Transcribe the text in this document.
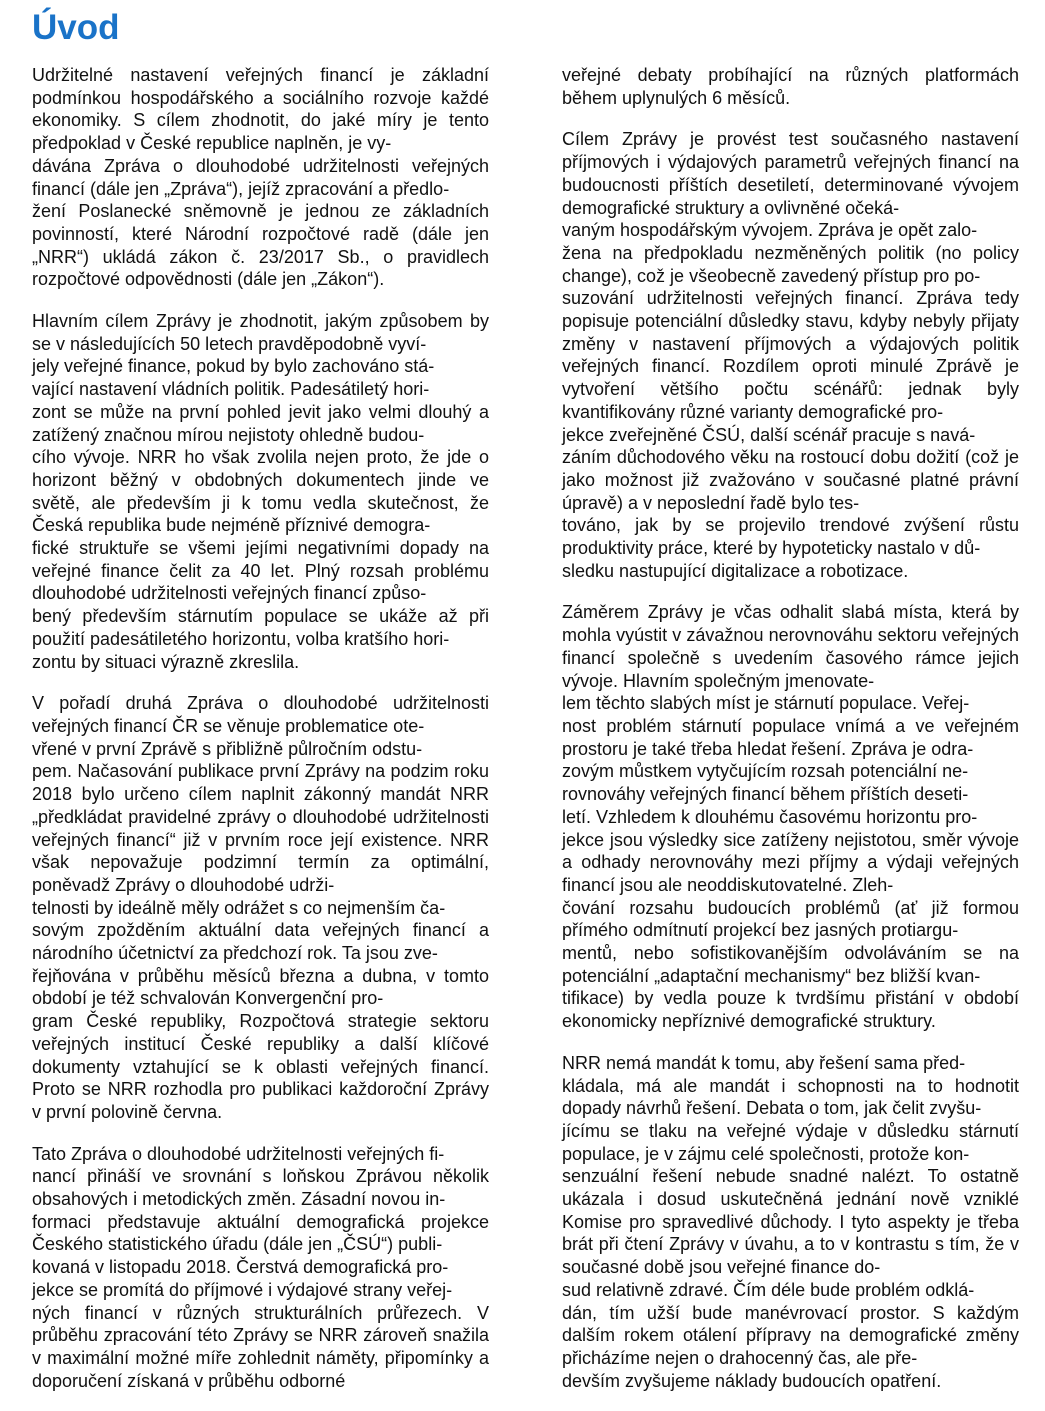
Úvod

Udržitelné nastavení veřejných financí je základní podmínkou hospodářského a sociálního rozvoje každé ekonomiky. S cílem zhodnotit, do jaké míry je tento předpoklad v České republice naplněn, je vy-
dávána Zpráva o dlouhodobé udržitelnosti veřejných financí (dále jen „Zpráva“), jejíž zpracování a předlo-
žení Poslanecké sněmovně je jednou ze základních povinností, které Národní rozpočtové radě (dále jen „NRR“) ukládá zákon č. 23/2017 Sb., o pravidlech rozpočtové odpovědnosti (dále jen „Zákon“).

Hlavním cílem Zprávy je zhodnotit, jakým způsobem by se v následujících 50 letech pravděpodobně vyví-
jely veřejné finance, pokud by bylo zachováno stá-
vající nastavení vládních politik. Padesátiletý hori-
zont se může na první pohled jevit jako velmi dlouhý a zatížený značnou mírou nejistoty ohledně budou-
cího vývoje. NRR ho však zvolila nejen proto, že jde o horizont běžný v obdobných dokumentech jinde ve světě, ale především ji k tomu vedla skutečnost, že Česká republika bude nejméně příznivé demogra-
fické struktuře se všemi jejími negativními dopady na veřejné finance čelit za 40 let. Plný rozsah problému dlouhodobé udržitelnosti veřejných financí způso-
bený především stárnutím populace se ukáže až při použití padesátiletého horizontu, volba kratšího hori-
zontu by situaci výrazně zkreslila.

V pořadí druhá Zpráva o dlouhodobé udržitelnosti veřejných financí ČR se věnuje problematice ote-
vřené v první Zprávě s přibližně půlročním odstu-
pem. Načasování publikace první Zprávy na podzim roku 2018 bylo určeno cílem naplnit zákonný mandát NRR „předkládat pravidelné zprávy o dlouhodobé udržitelnosti veřejných financí“ již v prvním roce její existence. NRR však nepovažuje podzimní termín za optimální, poněvadž Zprávy o dlouhodobé udrži-
telnosti by ideálně měly odrážet s co nejmenším ča-
sovým zpožděním aktuální data veřejných financí a národního účetnictví za předchozí rok. Ta jsou zve-
řejňována v průběhu měsíců března a dubna, v tomto období je též schvalován Konvergenční pro-
gram České republiky, Rozpočtová strategie sektoru veřejných institucí České republiky a další klíčové dokumenty vztahující se k oblasti veřejných financí. Proto se NRR rozhodla pro publikaci každoroční Zprávy v první polovině června.

Tato Zpráva o dlouhodobé udržitelnosti veřejných fi-
nancí přináší ve srovnání s loňskou Zprávou několik obsahových i metodických změn. Zásadní novou in-
formaci představuje aktuální demografická projekce Českého statistického úřadu (dále jen „ČSÚ“) publi-
kovaná v listopadu 2018. Čerstvá demografická pro-
jekce se promítá do příjmové i výdajové strany veřej-
ných financí v různých strukturálních průřezech. V průběhu zpracování této Zprávy se NRR zároveň snažila v maximální možné míře zohlednit náměty, připomínky a doporučení získaná v průběhu odborné

veřejné debaty probíhající na různých platformách během uplynulých 6 měsíců.

Cílem Zprávy je provést test současného nastavení příjmových i výdajových parametrů veřejných financí na budoucnosti příštích desetiletí, determinované vývojem demografické struktury a ovlivněné očeká-
vaným hospodářským vývojem. Zpráva je opět zalo-
žena na předpokladu nezměněných politik (no policy change), což je všeobecně zavedený přístup pro po-
suzování udržitelnosti veřejných financí. Zpráva tedy popisuje potenciální důsledky stavu, kdyby nebyly přijaty změny v nastavení příjmových a výdajových politik veřejných financí. Rozdílem oproti minulé Zprávě je vytvoření většího počtu scénářů: jednak byly kvantifikovány různé varianty demografické pro-
jekce zveřejněné ČSÚ, další scénář pracuje s navá-
záním důchodového věku na rostoucí dobu dožití (což je jako možnost již zvažováno v současné platné právní úpravě) a v neposlední řadě bylo tes-
továno, jak by se projevilo trendové zvýšení růstu produktivity práce, které by hypoteticky nastalo v dů-
sledku nastupující digitalizace a robotizace.

Záměrem Zprávy je včas odhalit slabá místa, která by mohla vyústit v závažnou nerovnováhu sektoru veřejných financí společně s uvedením časového rámce jejich vývoje. Hlavním společným jmenovate-
lem těchto slabých míst je stárnutí populace. Veřej-
nost problém stárnutí populace vnímá a ve veřejném prostoru je také třeba hledat řešení. Zpráva je odra-
zovým můstkem vytyčujícím rozsah potenciální ne-
rovnováhy veřejných financí během příštích deseti-
letí. Vzhledem k dlouhému časovému horizontu pro-
jekce jsou výsledky sice zatíženy nejistotou, směr vývoje a odhady nerovnováhy mezi příjmy a výdaji veřejných financí jsou ale neoddiskutovatelné. Zleh-
čování rozsahu budoucích problémů (ať již formou přímého odmítnutí projekcí bez jasných protiargu-
mentů, nebo sofistikovanějším odvoláváním se na potenciální „adaptační mechanismy“ bez bližší kvan-
tifikace) by vedla pouze k tvrdšímu přistání v období ekonomicky nepříznivé demografické struktury.

NRR nemá mandát k tomu, aby řešení sama před-
kládala, má ale mandát i schopnosti na to hodnotit dopady návrhů řešení. Debata o tom, jak čelit zvyšu-
jícímu se tlaku na veřejné výdaje v důsledku stárnutí populace, je v zájmu celé společnosti, protože kon-
senzuální řešení nebude snadné nalézt. To ostatně ukázala i dosud uskutečněná jednání nově vzniklé Komise pro spravedlivé důchody. I tyto aspekty je třeba brát při čtení Zprávy v úvahu, a to v kontrastu s tím, že v současné době jsou veřejné finance do-
sud relativně zdravé. Čím déle bude problém odklá-
dán, tím užší bude manévrovací prostor. S každým dalším rokem otálení přípravy na demografické změny přicházíme nejen o drahocenný čas, ale pře-
devším zvyšujeme náklady budoucích opatření.
